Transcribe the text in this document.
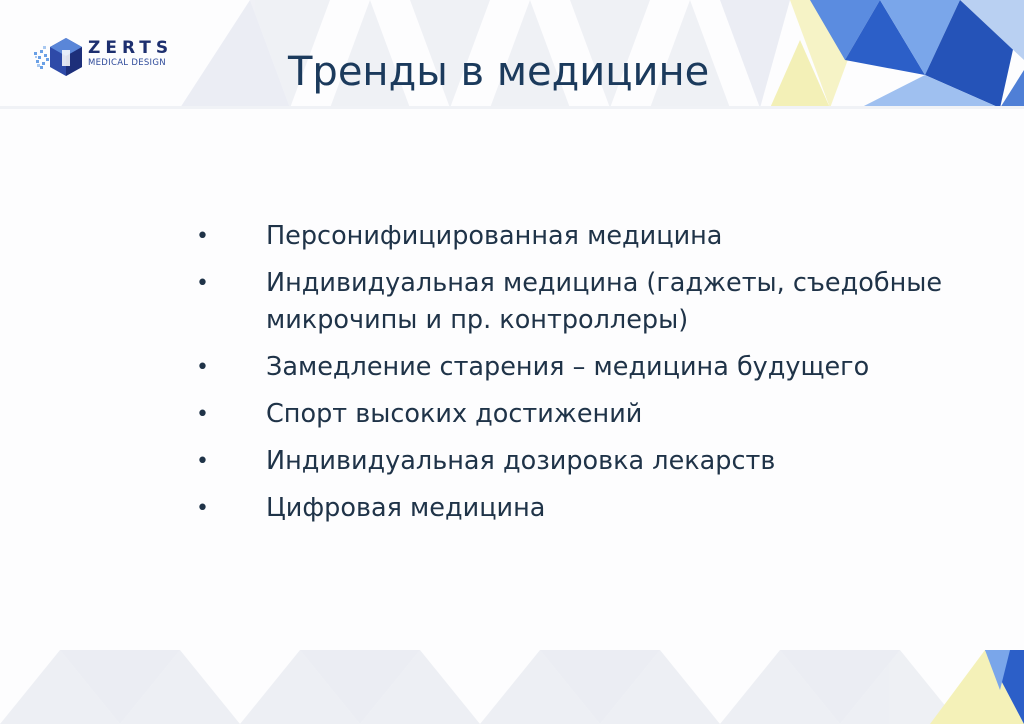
ZERTS
MEDICAL DESIGN	Тренды в медицине
• Персонифицированная медицина
• Индивидуальная медицина (гаджеты, съедобные микрочипы и пр. контроллеры)
• Замедление старения – медицина будущего
• Спорт высоких достижений
• Индивидуальная дозировка лекарств
• Цифровая медицина
